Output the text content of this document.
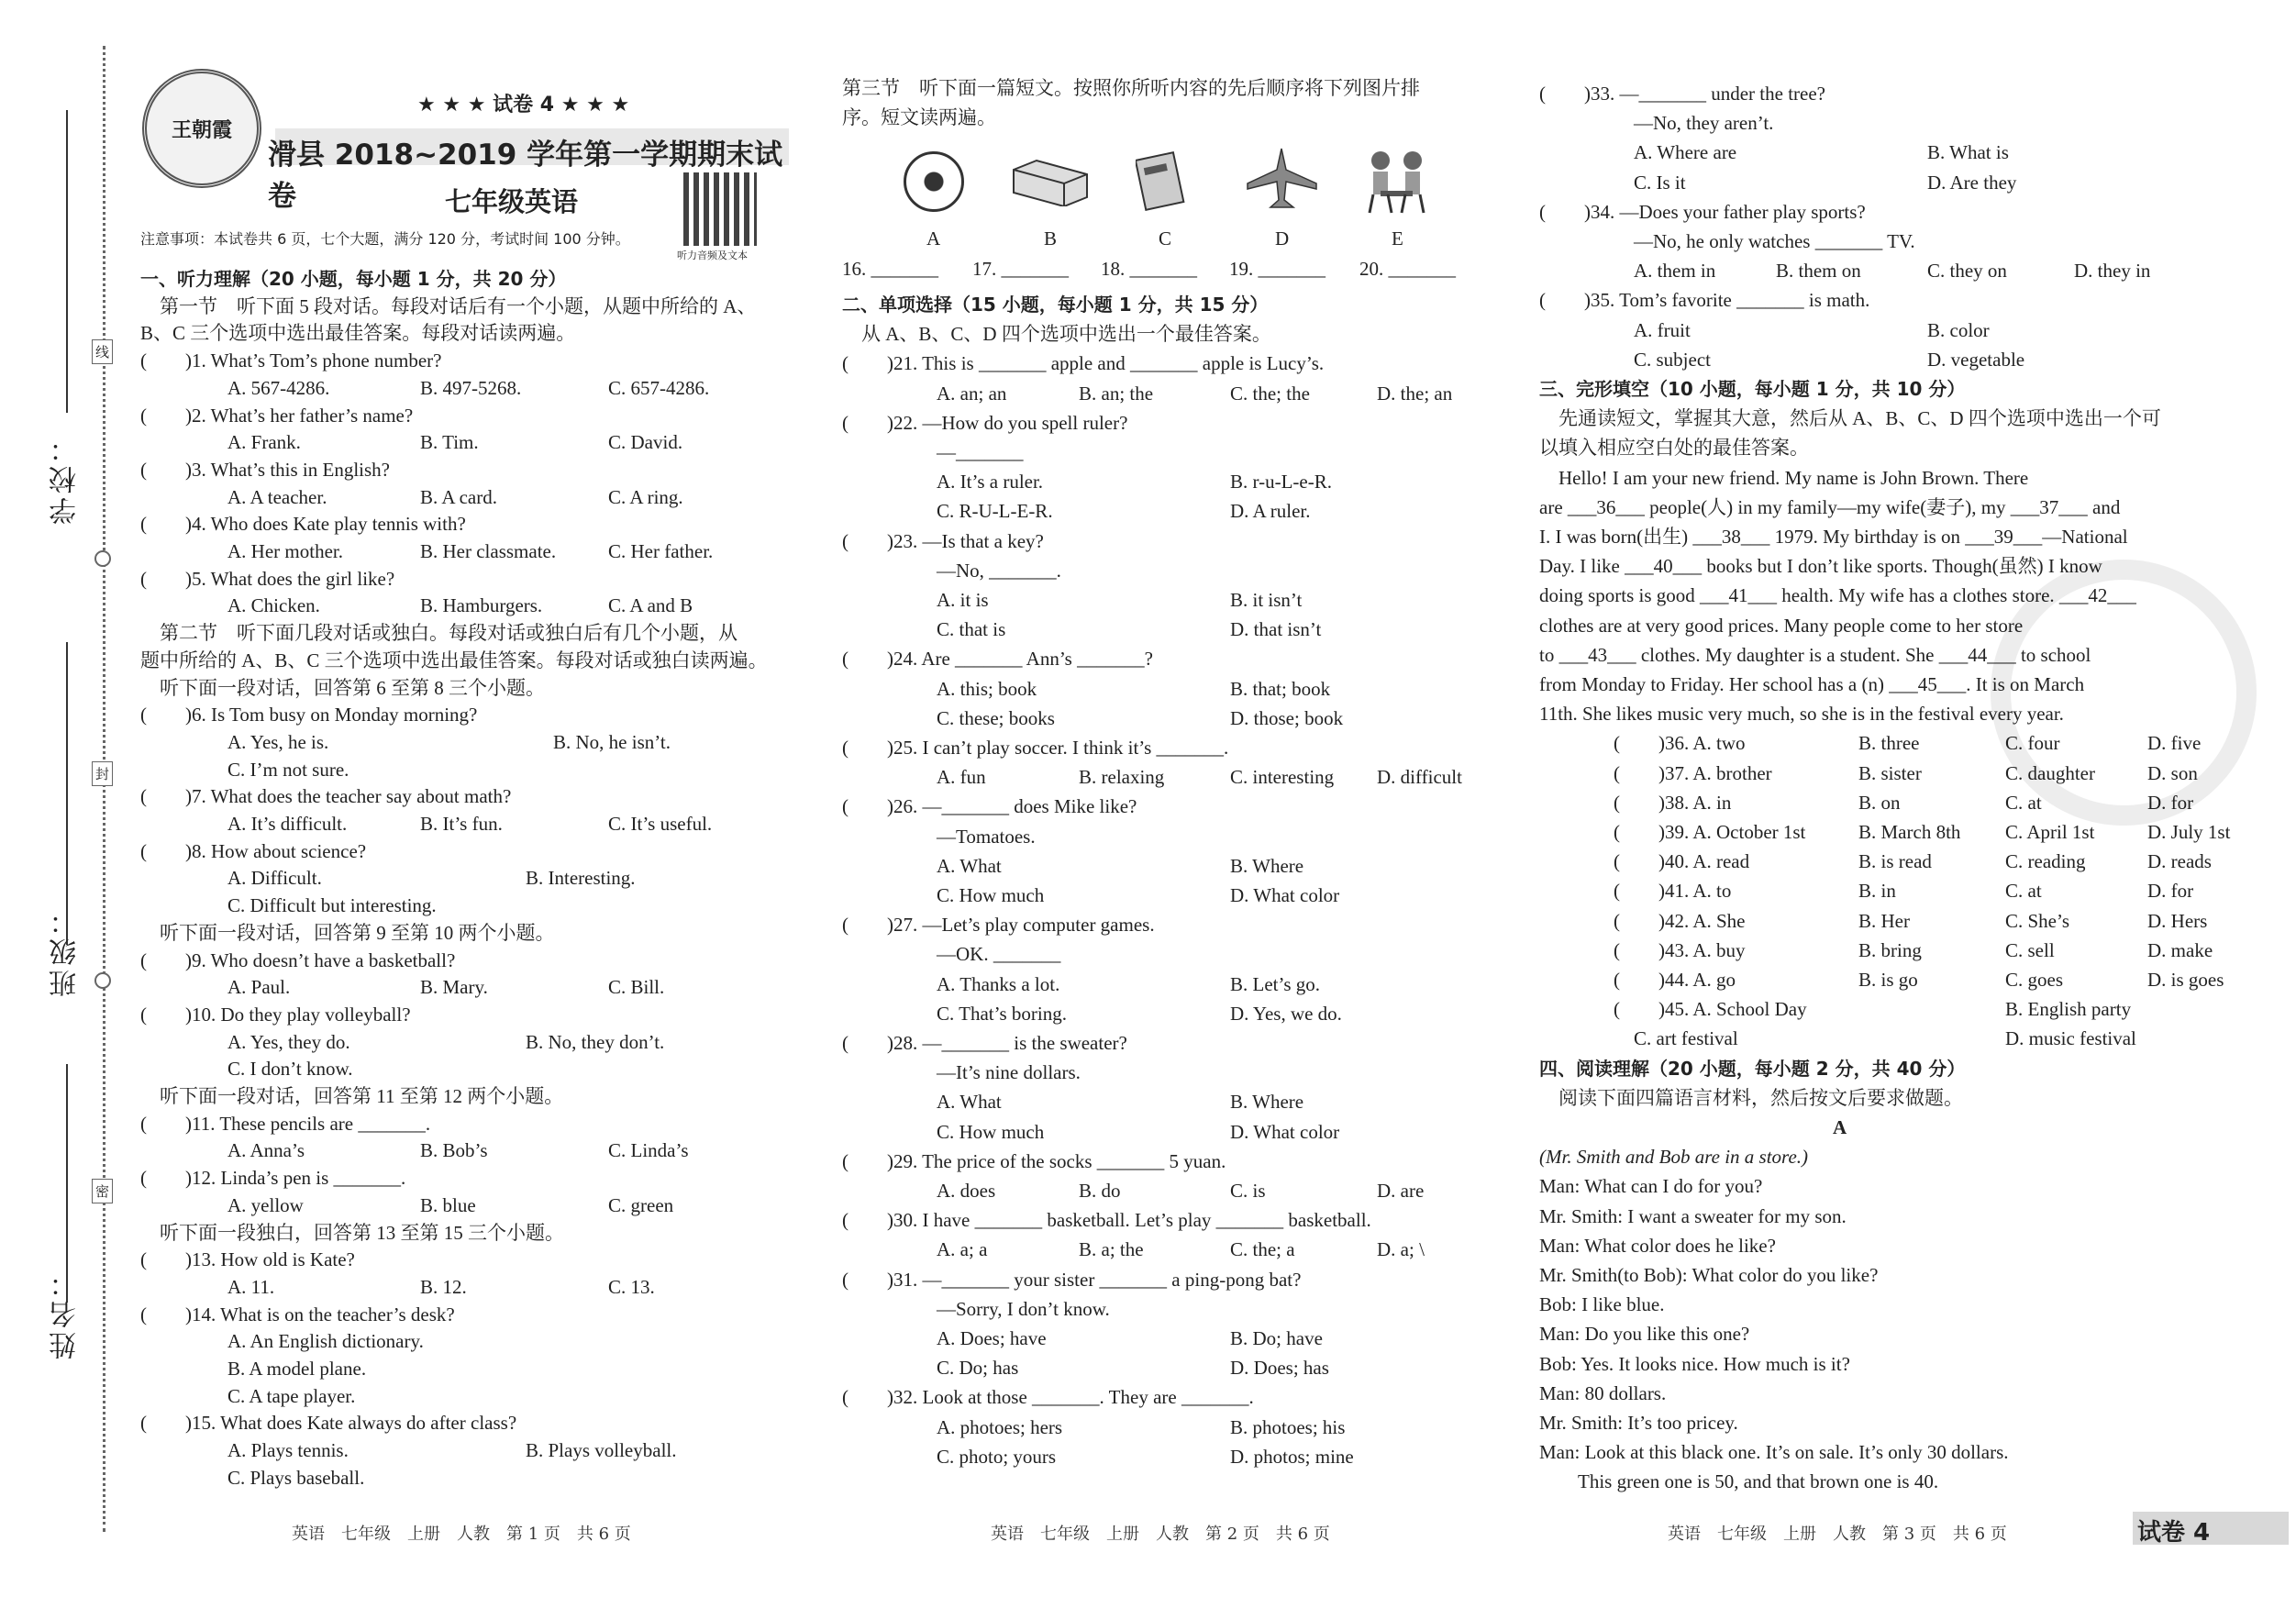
学校：
班级：
姓名：
线
封
密
王朝霞
★ ★ ★ 试卷 4 ★ ★ ★
滑县 2018~2019 学年第一学期期末试卷	七年级英语
听力音频及文本
注意事项：本试卷共 6 页，七个大题，满分 120 分，考试时间 100 分钟。
一、听力理解（20 小题，每小题 1 分，共 20 分）
　第一节　听下面 5 段对话。每段对话后有一个小题，从题中所给的 A、
B、C 三个选项中选出最佳答案。每段对话读两遍。
(　　)1. What’s Tom’s phone number?
A. 567-4286.	B. 497-5268.	C. 657-4286.
(　　)2. What’s her father’s name?
A. Frank.	B. Tim.	C. David.
(　　)3. What’s this in English?
A. A teacher.	B. A card.	C. A ring.
(　　)4. Who does Kate play tennis with?
A. Her mother.	B. Her classmate.	C. Her father.
(　　)5. What does the girl like?
A. Chicken.	B. Hamburgers.	C. A and B
　第二节　听下面几段对话或独白。每段对话或独白后有几个小题，从
题中所给的 A、B、C 三个选项中选出最佳答案。每段对话或独白读两遍。
　听下面一段对话，回答第 6 至第 8 三个小题。
(　　)6. Is Tom busy on Monday morning?
A. Yes, he is.	B. No, he isn’t.
C. I’m not sure.
(　　)7. What does the teacher say about math?
A. It’s difficult.	B. It’s fun.	C. It’s useful.
(　　)8. How about science?
A. Difficult.	B. Interesting.
C. Difficult but interesting.
　听下面一段对话，回答第 9 至第 10 两个小题。
(　　)9. Who doesn’t have a basketball?
A. Paul.	B. Mary.	C. Bill.
(　　)10. Do they play volleyball?
A. Yes, they do.	B. No, they don’t.
C. I don’t know.
　听下面一段对话，回答第 11 至第 12 两个小题。
(　　)11. These pencils are _______.
A. Anna’s	B. Bob’s	C. Linda’s
(　　)12. Linda’s pen is _______.
A. yellow	B. blue	C. green
　听下面一段独白，回答第 13 至第 15 三个小题。
(　　)13. How old is Kate?
A. 11.	B. 12.	C. 13.
(　　)14. What is on the teacher’s desk?
A. An English dictionary.
B. A model plane.
C. A tape player.
(　　)15. What does Kate always do after class?
A. Plays tennis.	B. Plays volleyball.
C. Plays baseball.
第三节　听下面一篇短文。按照你所听内容的先后顺序将下列图片排
序。短文读两遍。
A	B	C	D	E
16. _______ 17. _______ 18. _______ 19. _______ 20. _______
二、单项选择（15 小题，每小题 1 分，共 15 分）
　从 A、B、C、D 四个选项中选出一个最佳答案。
(　　)21. This is _______ apple and _______ apple is Lucy’s.
A. an; an	B. an; the	C. the; the	D. the; an
(　　)22. —How do you spell ruler?
—_______
A. It’s a ruler.	B. r-u-L-e-R.
C. R-U-L-E-R.	D. A ruler.
(　　)23. —Is that a key?
—No, _______.
A. it is	B. it isn’t
C. that is	D. that isn’t
(　　)24. Are _______ Ann’s _______?
A. this; book	B. that; book
C. these; books	D. those; book
(　　)25. I can’t play soccer. I think it’s _______.
A. fun	B. relaxing	C. interesting D. difficult
(　　)26. —_______ does Mike like?
—Tomatoes.
A. What	B. Where
C. How much	D. What color
(　　)27. —Let’s play computer games.
—OK. _______
A. Thanks a lot.	B. Let’s go.
C. That’s boring.	D. Yes, we do.
(　　)28. —_______ is the sweater?
—It’s nine dollars.
A. What	B. Where
C. How much	D. What color
(　　)29. The price of the socks _______ 5 yuan.
A. does	B. do	C. is	D. are
(　　)30. I have _______ basketball. Let’s play _______ basketball.
A. a; a	B. a; the	C. the; a	D. a; \
(　　)31. —_______ your sister _______ a ping-pong bat?
—Sorry, I don’t know.
A. Does; have	B. Do; have
C. Do; has	D. Does; has
(　　)32. Look at those _______. They are _______.
A. photoes; hers	B. photoes; his
C. photo; yours	D. photos; mine
(　　)33. —_______ under the tree?
—No, they aren’t.
A. Where are	B. What is
C. Is it	D. Are they
(　　)34. —Does your father play sports?
—No, he only watches _______ TV.
A. them in	B. them on	C. they on	D. they in
(　　)35. Tom’s favorite _______ is math.
A. fruit	B. color
C. subject	D. vegetable
三、完形填空（10 小题，每小题 1 分，共 10 分）
　先通读短文，掌握其大意，然后从 A、B、C、D 四个选项中选出一个可
以填入相应空白处的最佳答案。
　Hello! I am your new friend. My name is John Brown. There
are ___36___ people(人) in my family—my wife(妻子), my ___37___ and
I. I was born(出生) ___38___ 1979. My birthday is on ___39___—National
Day. I like ___40___ books but I don’t like sports. Though(虽然) I know
doing sports is good ___41___ health. My wife has a clothes store. ___42___
clothes are at very good prices. Many people come to her store
to ___43___ clothes. My daughter is a student. She ___44___ to school
from Monday to Friday. Her school has a (n) ___45___. It is on March
11th. She likes music very much, so she is in the festival every year.
(　　)36. A. two	B. three	C. four	D. five
(　　)37. A. brother	B. sister	C. daughter	D. son
(　　)38. A. in	B. on	C. at	D. for
(　　)39. A. October 1st	B. March 8th C. April 1st	D. July 1st
(　　)40. A. read	B. is read	C. reading	D. reads
(　　)41. A. to	B. in	C. at	D. for
(　　)42. A. She	B. Her	C. She’s	D. Hers
(　　)43. A. buy	B. bring	C. sell	D. make
(　　)44. A. go	B. is go	C. goes	D. is goes
(　　)45. A. School Day	B. English party
C. art festival	D. music festival
四、阅读理解（20 小题，每小题 2 分，共 40 分）
　阅读下面四篇语言材料，然后按文后要求做题。
A
(Mr. Smith and Bob are in a store.)
Man: What can I do for you?
Mr. Smith: I want a sweater for my son.
Man: What color does he like?
Mr. Smith(to Bob): What color do you like?
Bob: I like blue.
Man: Do you like this one?
Bob: Yes. It looks nice. How much is it?
Man: 80 dollars.
Mr. Smith: It’s too pricey.
Man: Look at this black one. It’s on sale. It’s only 30 dollars.
　　This green one is 50, and that brown one is 40.
英语　七年级　上册　人教　第 1 页　共 6 页	英语　七年级　上册　人教　第 2 页　共 6 页	英语　七年级　上册　人教　第 3 页　共 6 页	试卷 4
